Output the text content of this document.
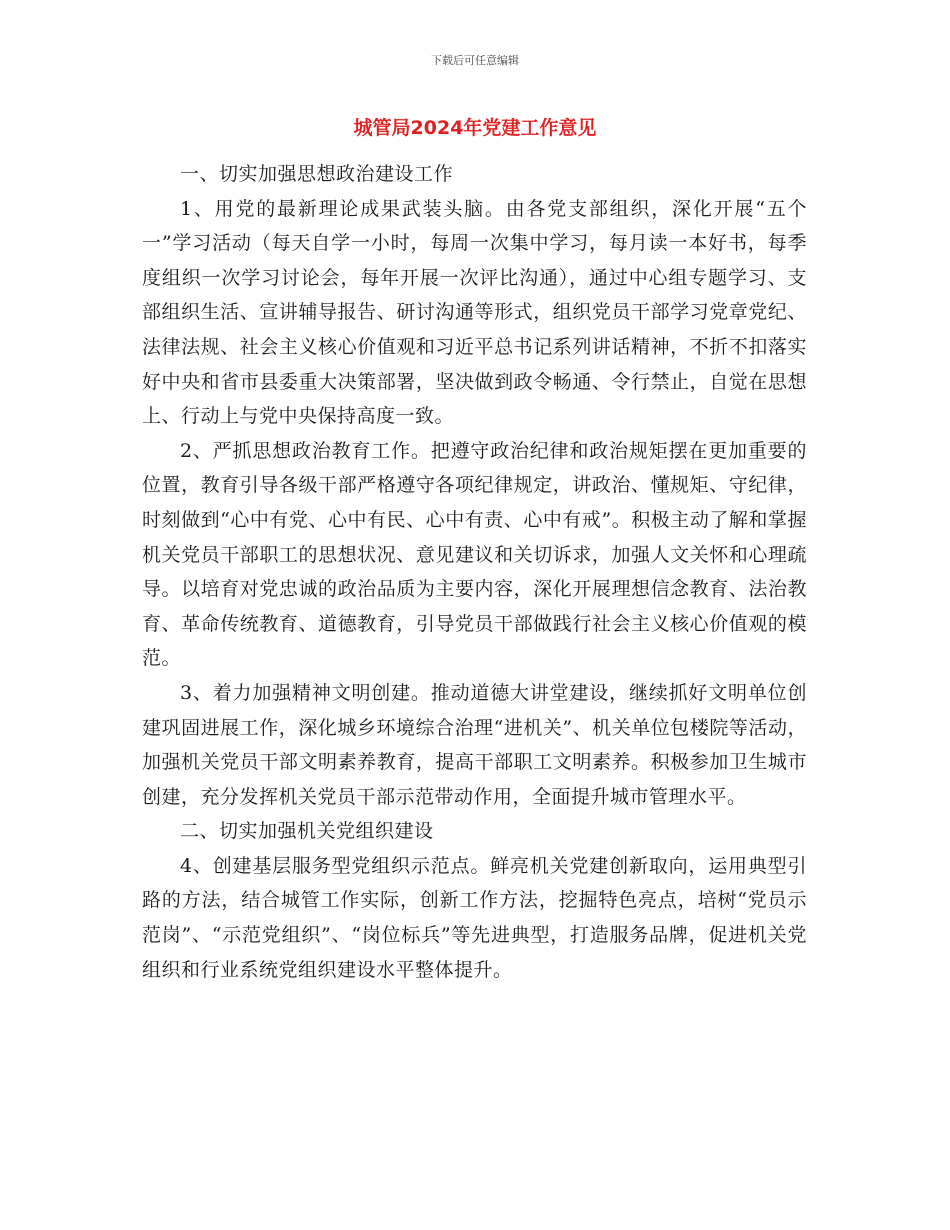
下载后可任意编辑
城管局2024年党建工作意见

一、切实加强思想政治建设工作

1、用党的最新理论成果武装头脑。由各党支部组织，深化开展“五个一”学习活动（每天自学一小时，每周一次集中学习，每月读一本好书，每季度组织一次学习讨论会，每年开展一次评比沟通），通过中心组专题学习、支部组织生活、宣讲辅导报告、研讨沟通等形式，组织党员干部学习党章党纪、法律法规、社会主义核心价值观和习近平总书记系列讲话精神，不折不扣落实好中央和省市县委重大决策部署，坚决做到政令畅通、令行禁止，自觉在思想上、行动上与党中央保持高度一致。

2、严抓思想政治教育工作。把遵守政治纪律和政治规矩摆在更加重要的位置，教育引导各级干部严格遵守各项纪律规定，讲政治、懂规矩、守纪律，时刻做到“心中有党、心中有民、心中有责、心中有戒”。积极主动了解和掌握机关党员干部职工的思想状况、意见建议和关切诉求，加强人文关怀和心理疏导。以培育对党忠诚的政治品质为主要内容，深化开展理想信念教育、法治教育、革命传统教育、道德教育，引导党员干部做践行社会主义核心价值观的模范。

3、着力加强精神文明创建。推动道德大讲堂建设，继续抓好文明单位创建巩固进展工作，深化城乡环境综合治理“进机关”、机关单位包楼院等活动，加强机关党员干部文明素养教育，提高干部职工文明素养。积极参加卫生城市创建，充分发挥机关党员干部示范带动作用，全面提升城市管理水平。

二、切实加强机关党组织建设

4、创建基层服务型党组织示范点。鲜亮机关党建创新取向，运用典型引路的方法，结合城管工作实际，创新工作方法，挖掘特色亮点，培树“党员示范岗”、“示范党组织”、“岗位标兵”等先进典型，打造服务品牌，促进机关党组织和行业系统党组织建设水平整体提升。
